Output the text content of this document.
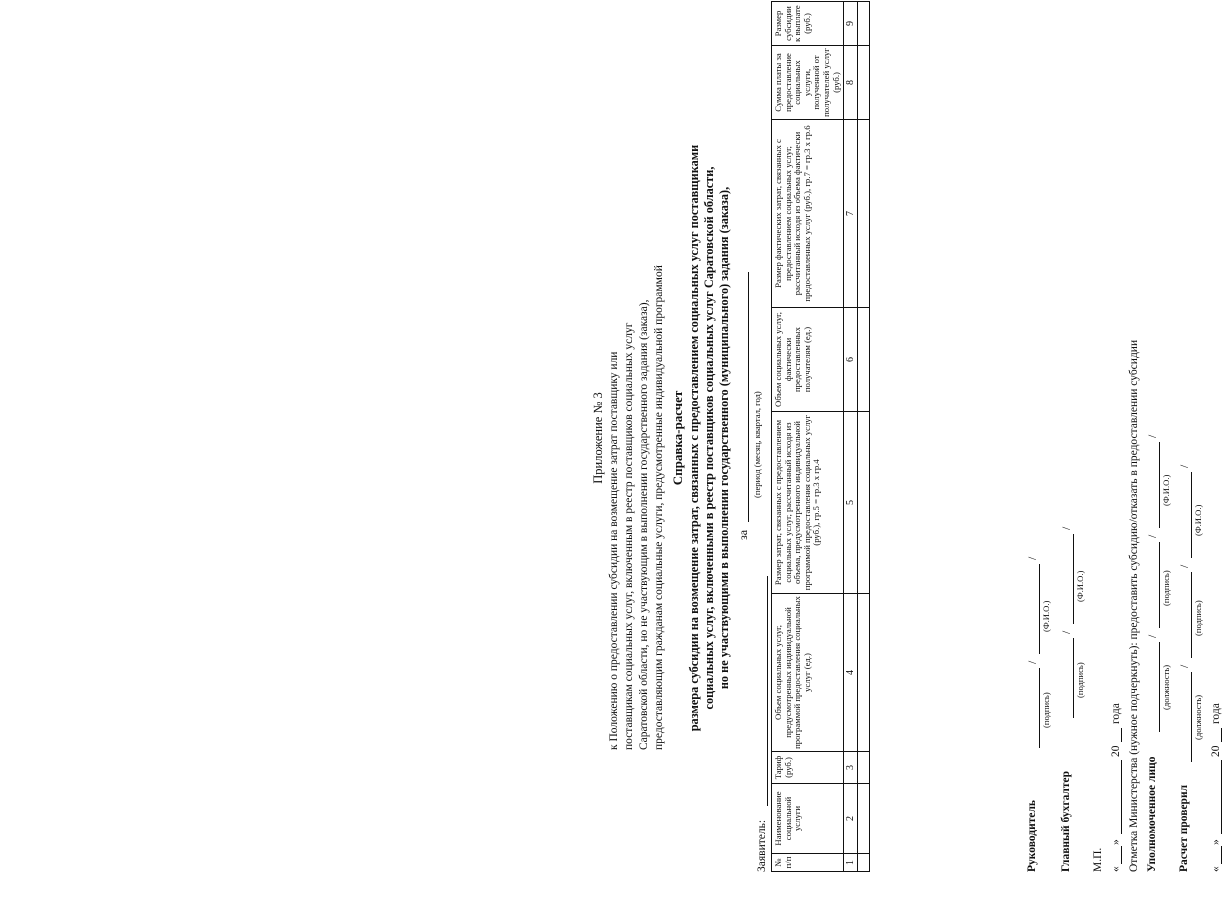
Приложение № 3 к Положению о предоставлении субсидии на возмещение затрат поставщику или поставщикам социальных услуг, включенным в реестр поставщиков социальных услуг Саратовской области, но не участвующим в выполнении государственного задания (заказа), предоставляющим гражданам социальные услуги, предусмотренные индивидуальной программой Справка-расчет размера субсидии на возмещение затрат, связанных с предоставлением социальных услуг поставщиками социальных услуг, включенными в реестр поставщиков социальных услуг Саратовской области, но не участвующими в выполнении государственного (муниципального) задания (заказа), за
(период (месяц, квартал, год)
Заявитель: № п/п	Наименование социальной услуги	Тариф (руб.)	Объем социальных услуг, предусмотренных индивидуальной программой предоставления социальных услуг (ед.)	Размер затрат, связанных с предоставлением социальных услуг, рассчитанный исходя из объема, предусмотренного индивидуальной программой предоставления социальных услуг (руб.), гр.5 = гр.3 х гр.4	Объем социальных услуг, фактически предоставленных получателям (ед.)	Размер фактических затрат, связанных с предоставлением социальных услуг, рассчитанный исходя из объема фактически предоставленных услуг (руб.), гр.7 = гр.3 х гр.6	Сумма платы за предоставление социальных услуги, полученной от получателей услуг (руб.)	Размер субсидии к выплате (руб.)
1	2	3	4	5	6	7	8	9

Руководитель
/
/
(подпись)
(Ф.И.О.)
Главный бухгалтер
/
/
(подпись)
(Ф.И.О.)
М.П. «
»
20
года Отметка Министерства (нужное подчеркнуть): предоставить субсидию/отказать в предоставлении субсидии Уполномоченное лицо
/
/
/
(должность)
(подпись)
(Ф.И.О.)
Расчет проверил
/
/
/
(должность)
(подпись)
(Ф.И.О.)
«
»
20
года
